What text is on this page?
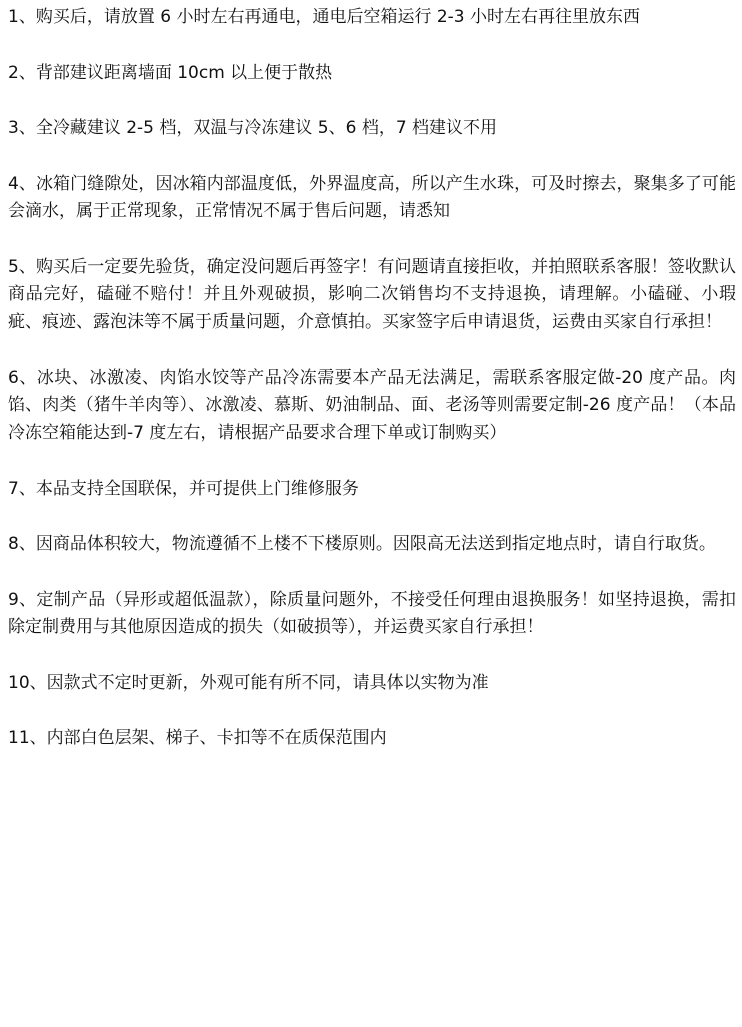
1、购买后，请放置 6 小时左右再通电，通电后空箱运行 2-3 小时左右再往里放东西

2、背部建议距离墙面 10cm 以上便于散热

3、全冷藏建议 2-5 档，双温与冷冻建议 5、6 档，7 档建议不用

4、冰箱门缝隙处，因冰箱内部温度低，外界温度高，所以产生水珠，可及时擦去，聚集多了可能会滴水，属于正常现象，正常情况不属于售后问题，请悉知

5、购买后一定要先验货，确定没问题后再签字！有问题请直接拒收，并拍照联系客服！签收默认商品完好，磕碰不赔付！并且外观破损，影响二次销售均不支持退换，请理解。小磕碰、小瑕疵、痕迹、露泡沫等不属于质量问题，介意慎拍。买家签字后申请退货，运费由买家自行承担！

6、冰块、冰激凌、肉馅水饺等产品冷冻需要本产品无法满足，需联系客服定做-20 度产品。肉馅、肉类（猪牛羊肉等）、冰激凌、慕斯、奶油制品、面、老汤等则需要定制-26 度产品！（本品冷冻空箱能达到-7 度左右，请根据产品要求合理下单或订制购买）

7、本品支持全国联保，并可提供上门维修服务

8、因商品体积较大，物流遵循不上楼不下楼原则。因限高无法送到指定地点时，请自行取货。

9、定制产品（异形或超低温款），除质量问题外，不接受任何理由退换服务！如坚持退换，需扣除定制费用与其他原因造成的损失（如破损等），并运费买家自行承担！

10、因款式不定时更新，外观可能有所不同，请具体以实物为准

11、内部白色层架、梯子、卡扣等不在质保范围内
